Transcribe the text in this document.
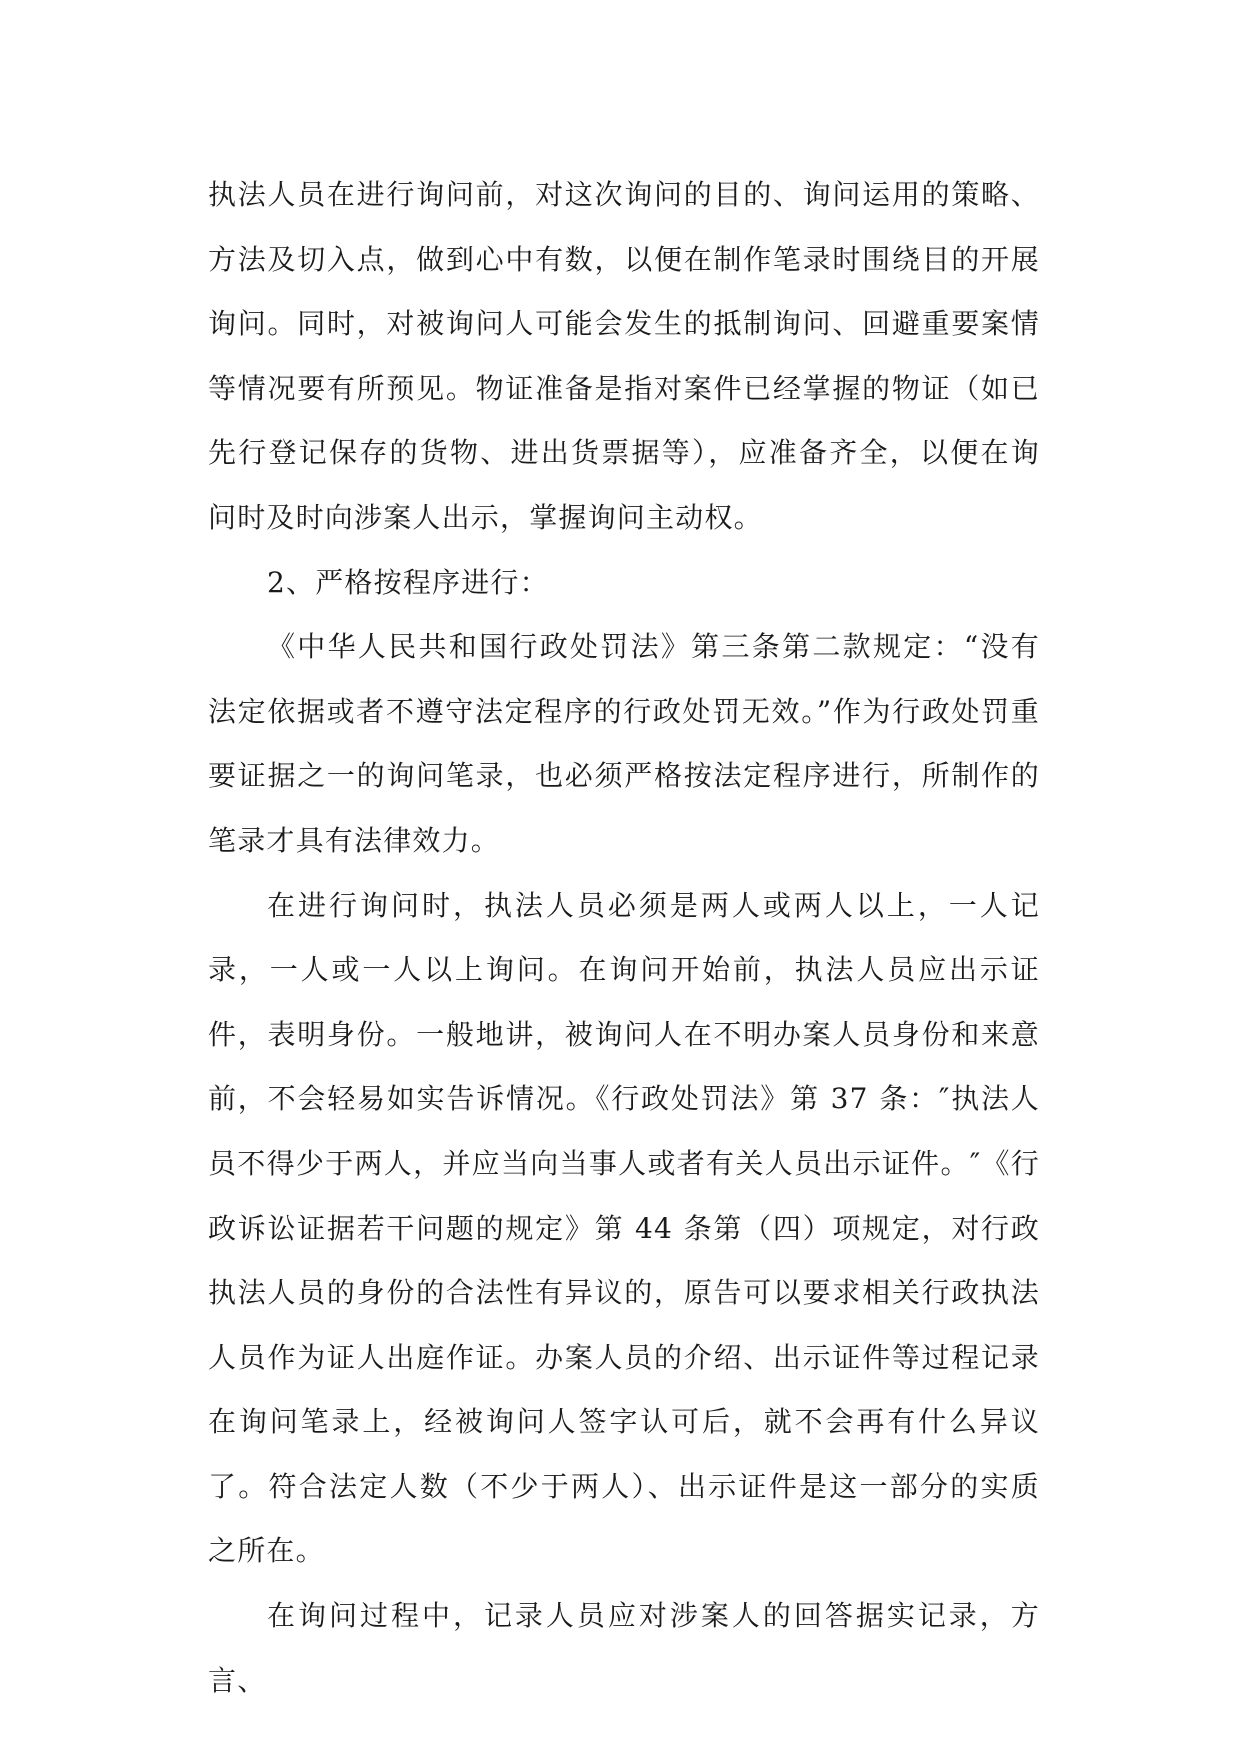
执法人员在进行询问前，对这次询问的目的、询问运用的策略、方法及切入点，做到心中有数，以便在制作笔录时围绕目的开展询问。同时，对被询问人可能会发生的抵制询问、回避重要案情等情况要有所预见。物证准备是指对案件已经掌握的物证（如已先行登记保存的货物、进出货票据等），应准备齐全，以便在询问时及时向涉案人出示，掌握询问主动权。

2、严格按程序进行：

《中华人民共和国行政处罚法》第三条第二款规定：“没有法定依据或者不遵守法定程序的行政处罚无效。”作为行政处罚重要证据之一的询问笔录，也必须严格按法定程序进行，所制作的笔录才具有法律效力。

在进行询问时，执法人员必须是两人或两人以上，一人记录，一人或一人以上询问。在询问开始前，执法人员应出示证件，表明身份。一般地讲，被询问人在不明办案人员身份和来意前，不会轻易如实告诉情况。《行政处罚法》第 37 条：″执法人员不得少于两人，并应当向当事人或者有关人员出示证件。″《行政诉讼证据若干问题的规定》第 44 条第（四）项规定，对行政执法人员的身份的合法性有异议的，原告可以要求相关行政执法人员作为证人出庭作证。办案人员的介绍、出示证件等过程记录在询问笔录上，经被询问人签字认可后，就不会再有什么异议了。符合法定人数（不少于两人）、出示证件是这一部分的实质之所在。

在询问过程中，记录人员应对涉案人的回答据实记录，方言、
